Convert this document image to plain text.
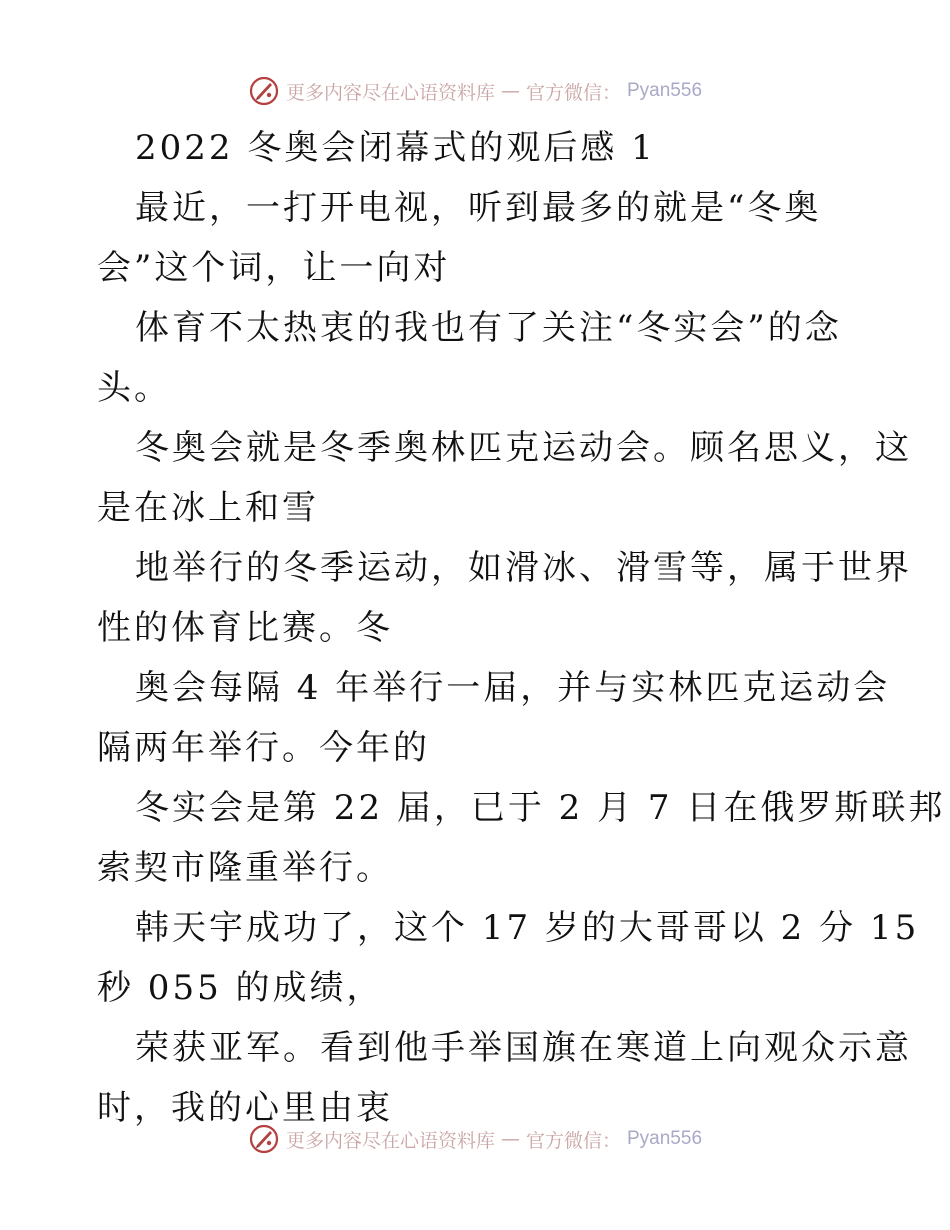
更多内容尽在心语资料库 — 官方微信： Pyan556
2022 冬奥会闭幕式的观后感 1
最近，一打开电视，听到最多的就是“冬奥
会”这个词，让一向对
体育不太热衷的我也有了关注“冬实会”的念
头。
冬奥会就是冬季奥林匹克运动会。顾名思义，这
是在冰上和雪
地举行的冬季运动，如滑冰、滑雪等，属于世界
性的体育比赛。冬
奥会每隔 4 年举行一届，并与实林匹克运动会
隔两年举行。今年的
冬实会是第 22 届，已于 2 月 7 日在俄罗斯联邦
索契市隆重举行。
韩天宇成功了，这个 17 岁的大哥哥以 2 分 15
秒 055 的成绩，
荣获亚军。看到他手举国旗在寒道上向观众示意
时，我的心里由衷
更多内容尽在心语资料库 — 官方微信： Pyan556
